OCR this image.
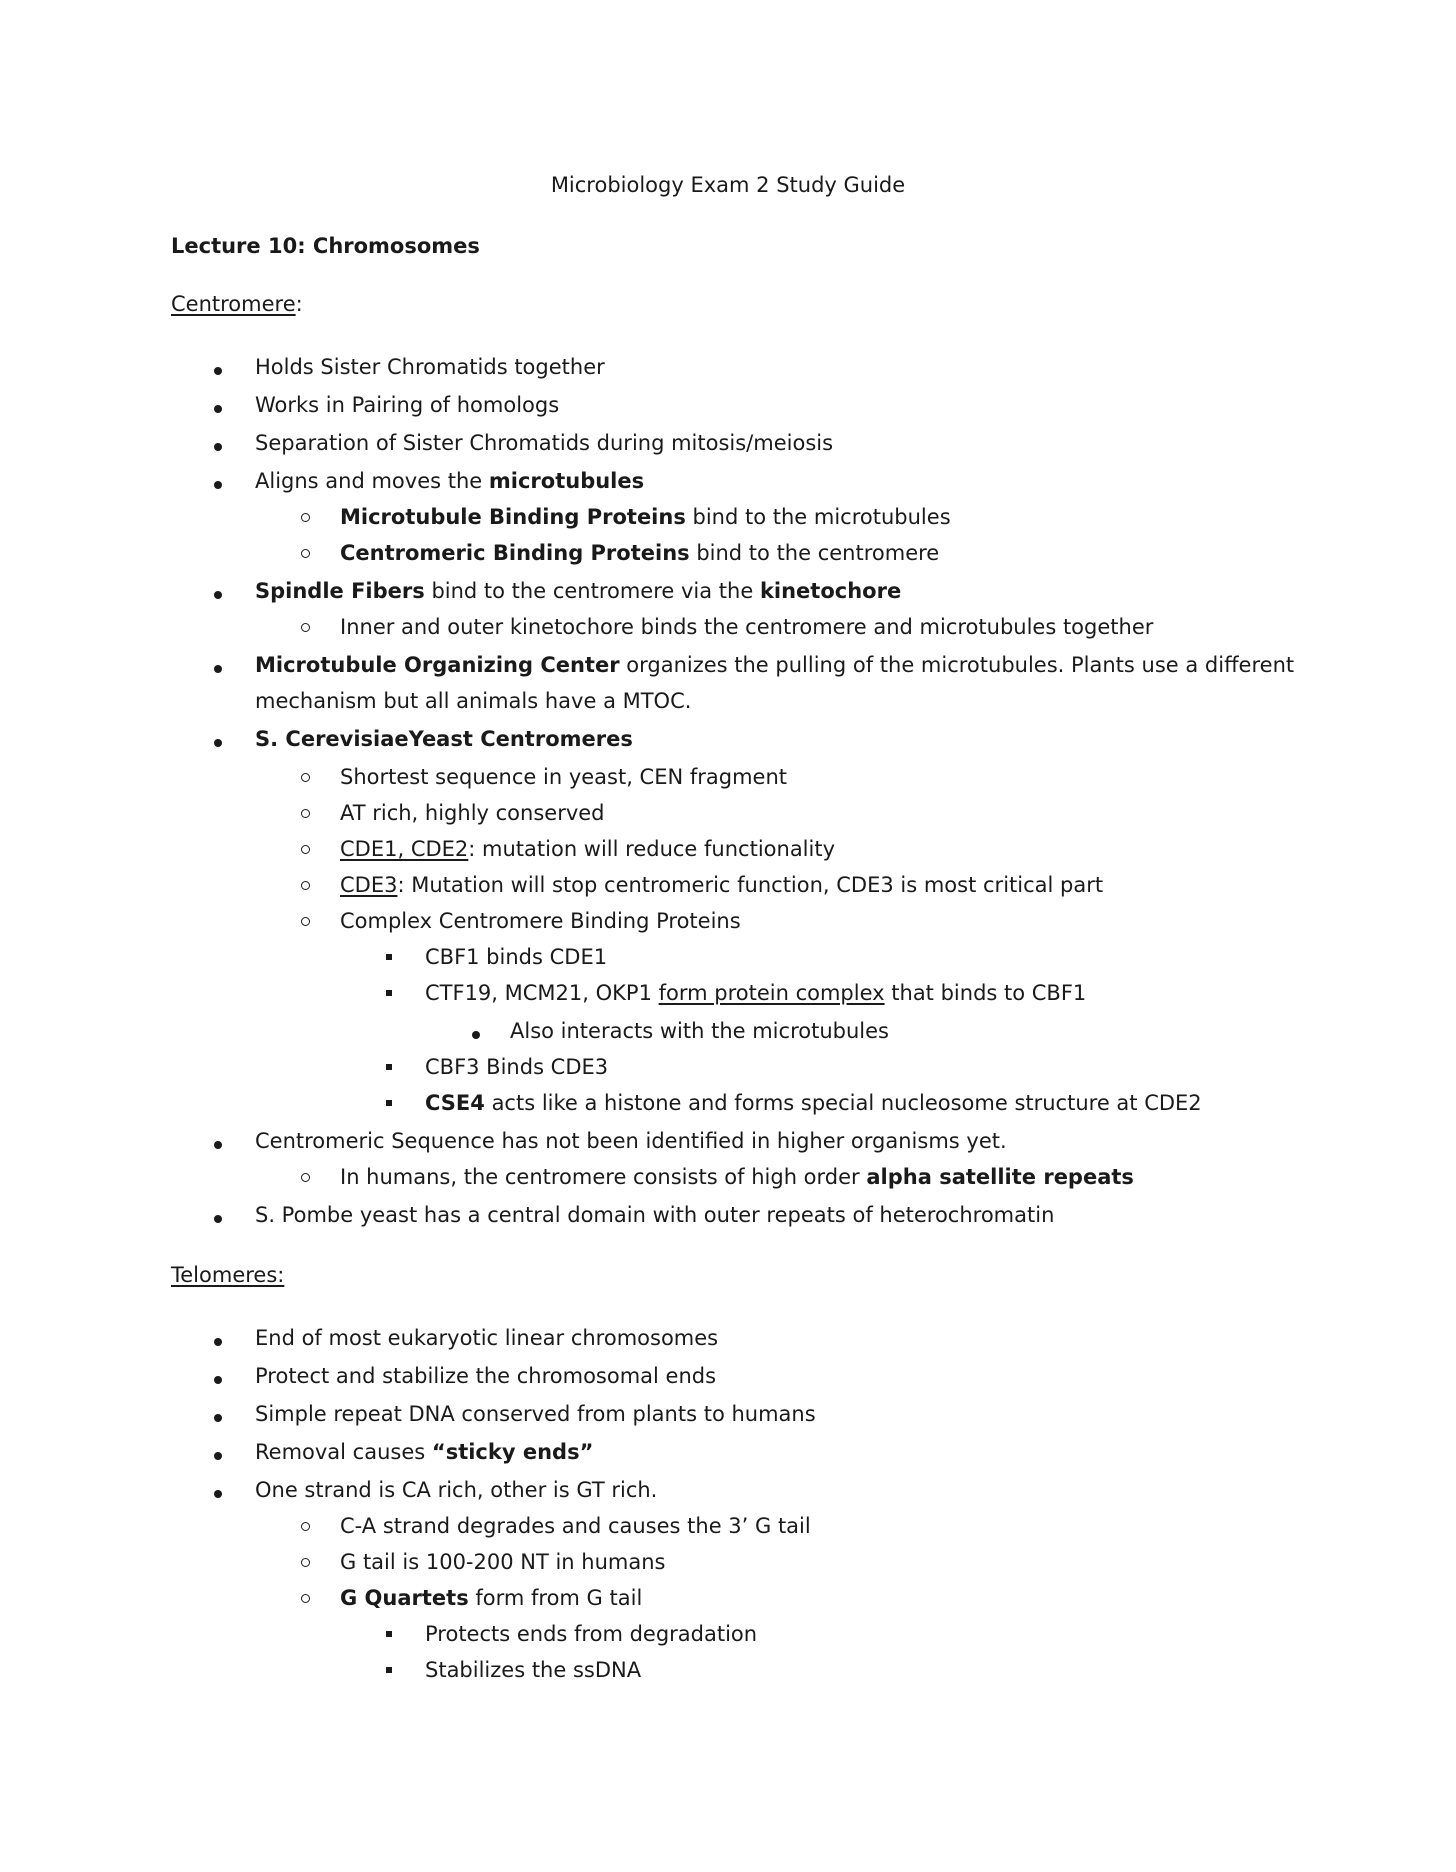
Microbiology Exam 2 Study Guide
Lecture 10: Chromosomes
Centromere:
Holds Sister Chromatids together
Works in Pairing of homologs
Separation of Sister Chromatids during mitosis/meiosis
Aligns and moves the microtubules
Microtubule Binding Proteins bind to the microtubules
Centromeric Binding Proteins bind to the centromere
Spindle Fibers bind to the centromere via the kinetochore
Inner and outer kinetochore binds the centromere and microtubules together
Microtubule Organizing Center organizes the pulling of the microtubules. Plants use a different
mechanism but all animals have a MTOC.
S. CerevisiaeYeast Centromeres
Shortest sequence in yeast, CEN fragment
AT rich, highly conserved
CDE1, CDE2: mutation will reduce functionality
CDE3: Mutation will stop centromeric function, CDE3 is most critical part
Complex Centromere Binding Proteins
CBF1 binds CDE1
CTF19, MCM21, OKP1 form protein complex that binds to CBF1
Also interacts with the microtubules
CBF3 Binds CDE3
CSE4 acts like a histone and forms special nucleosome structure at CDE2
Centromeric Sequence has not been identified in higher organisms yet.
In humans, the centromere consists of high order alpha satellite repeats
S. Pombe yeast has a central domain with outer repeats of heterochromatin
Telomeres:
End of most eukaryotic linear chromosomes
Protect and stabilize the chromosomal ends
Simple repeat DNA conserved from plants to humans
Removal causes “sticky ends”
One strand is CA rich, other is GT rich.
C-A strand degrades and causes the 3’ G tail
G tail is 100-200 NT in humans
G Quartets form from G tail
Protects ends from degradation
Stabilizes the ssDNA
